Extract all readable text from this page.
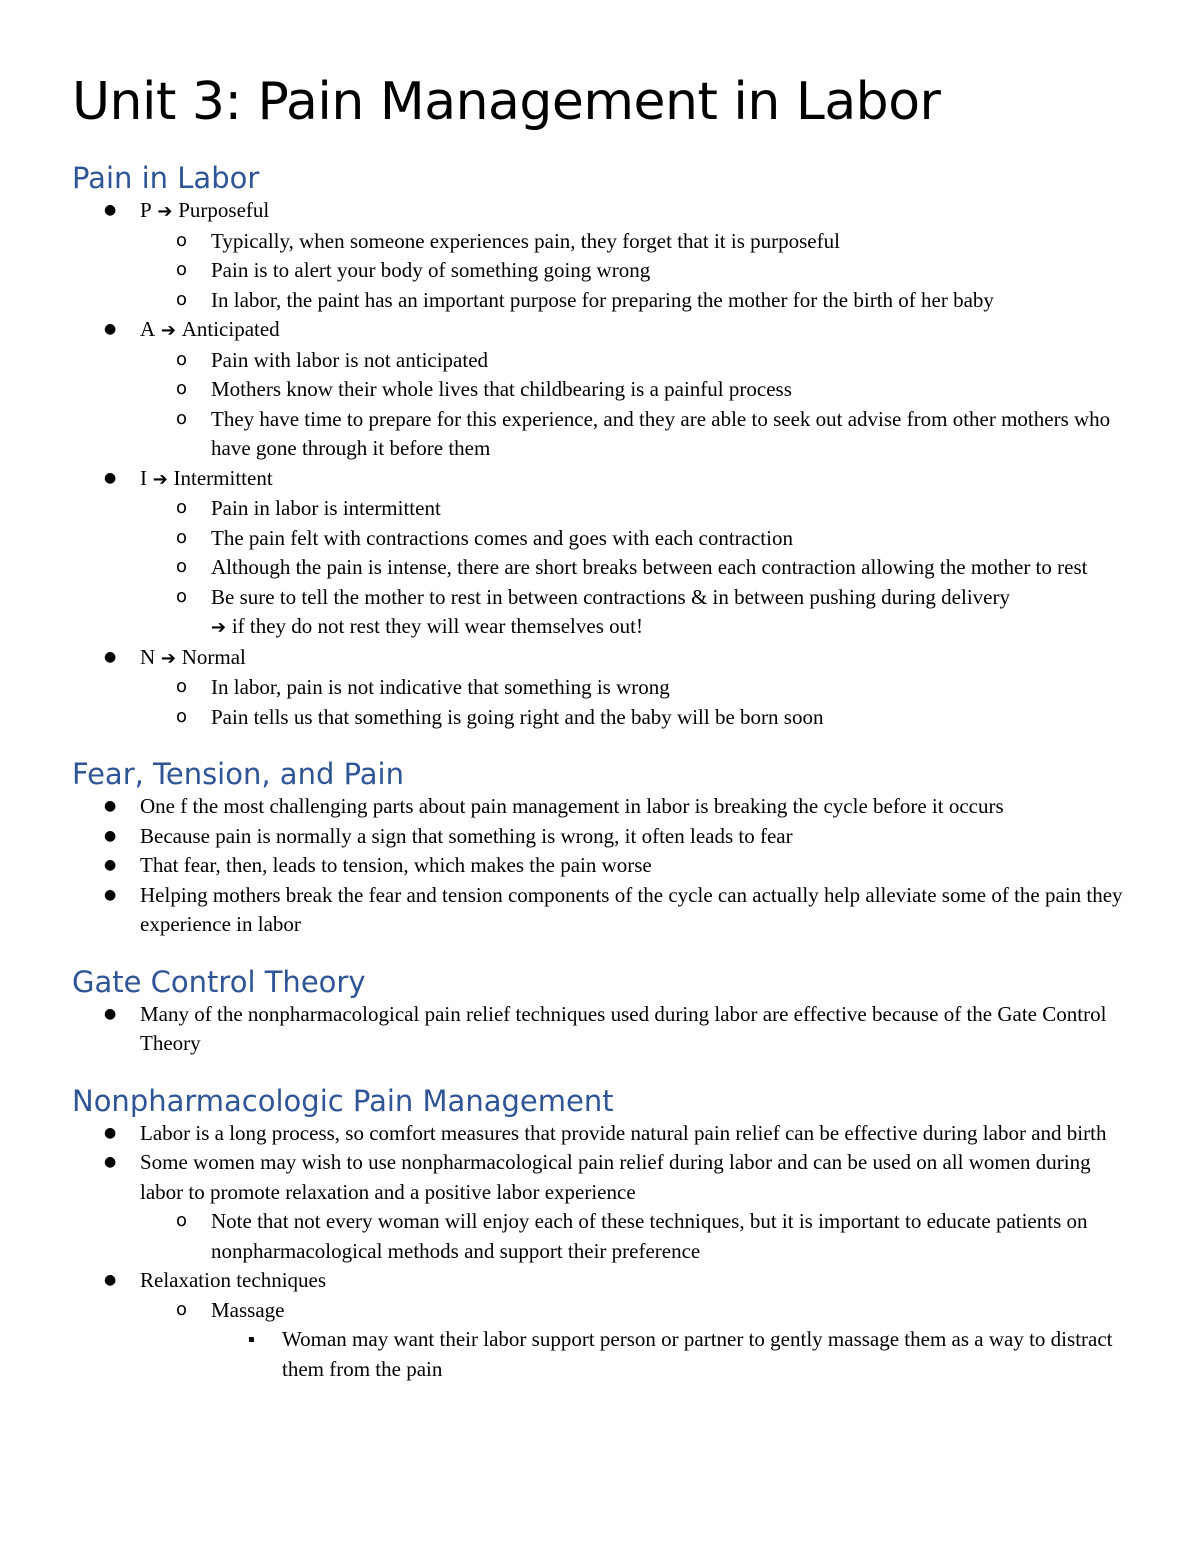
Unit 3: Pain Management in Labor
Pain in Labor
● P ➔ Purposeful
o Typically, when someone experiences pain, they forget that it is purposeful
o Pain is to alert your body of something going wrong
o In labor, the paint has an important purpose for preparing the mother for the birth of her baby
● A ➔ Anticipated
o Pain with labor is not anticipated
o Mothers know their whole lives that childbearing is a painful process
o They have time to prepare for this experience, and they are able to seek out advise from other mothers who have gone through it before them
● I ➔ Intermittent
o Pain in labor is intermittent
o The pain felt with contractions comes and goes with each contraction
o Although the pain is intense, there are short breaks between each contraction allowing the mother to rest
o Be sure to tell the mother to rest in between contractions & in between pushing during delivery
➔ if they do not rest they will wear themselves out!
● N ➔ Normal
o In labor, pain is not indicative that something is wrong
o Pain tells us that something is going right and the baby will be born soon
Fear, Tension, and Pain
● One f the most challenging parts about pain management in labor is breaking the cycle before it occurs
● Because pain is normally a sign that something is wrong, it often leads to fear
● That fear, then, leads to tension, which makes the pain worse
● Helping mothers break the fear and tension components of the cycle can actually help alleviate some of the pain they experience in labor
Gate Control Theory
● Many of the nonpharmacological pain relief techniques used during labor are effective because of the Gate Control Theory
Nonpharmacologic Pain Management
● Labor is a long process, so comfort measures that provide natural pain relief can be effective during labor and birth
● Some women may wish to use nonpharmacological pain relief during labor and can be used on all women during labor to promote relaxation and a positive labor experience
o Note that not every woman will enjoy each of these techniques, but it is important to educate patients on nonpharmacological methods and support their preference
● Relaxation techniques
o Massage
▪ Woman may want their labor support person or partner to gently massage them as a way to distract them from the pain
